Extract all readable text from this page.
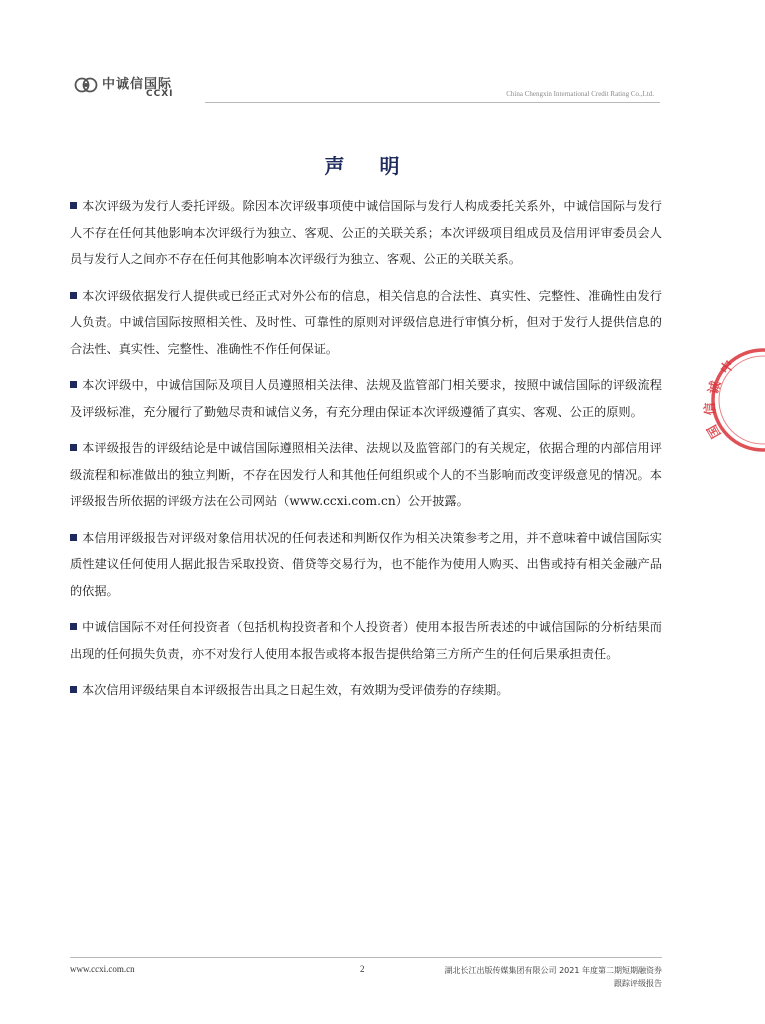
中诚信国际
CCXI	China Chengxin International Credit Rating Co.,Ltd.
声 明

本次评级为发行人委托评级。除因本次评级事项使中诚信国际与发行人构成委托关系外，中诚信国际与发行人不存在任何其他影响本次评级行为独立、客观、公正的关联关系；本次评级项目组成员及信用评审委员会人员与发行人之间亦不存在任何其他影响本次评级行为独立、客观、公正的关联关系。

本次评级依据发行人提供或已经正式对外公布的信息，相关信息的合法性、真实性、完整性、准确性由发行人负责。中诚信国际按照相关性、及时性、可靠性的原则对评级信息进行审慎分析，但对于发行人提供信息的合法性、真实性、完整性、准确性不作任何保证。

本次评级中，中诚信国际及项目人员遵照相关法律、法规及监管部门相关要求，按照中诚信国际的评级流程及评级标准，充分履行了勤勉尽责和诚信义务，有充分理由保证本次评级遵循了真实、客观、公正的原则。

本评级报告的评级结论是中诚信国际遵照相关法律、法规以及监管部门的有关规定，依据合理的内部信用评级流程和标准做出的独立判断，不存在因发行人和其他任何组织或个人的不当影响而改变评级意见的情况。本评级报告所依据的评级方法在公司网站（www.ccxi.com.cn）公开披露。

本信用评级报告对评级对象信用状况的任何表述和判断仅作为相关决策参考之用，并不意味着中诚信国际实质性建议任何使用人据此报告采取投资、借贷等交易行为，也不能作为使用人购买、出售或持有相关金融产品的依据。

中诚信国际不对任何投资者（包括机构投资者和个人投资者）使用本报告所表述的中诚信国际的分析结果而出现的任何损失负责，亦不对发行人使用本报告或将本报告提供给第三方所产生的任何后果承担责任。

本次信用评级结果自本评级报告出具之日起生效，有效期为受评债券的存续期。

中
诚
信
国
www.ccxi.com.cn	2	湖北长江出版传媒集团有限公司 2021 年度第二期短期融资券
跟踪评级报告
